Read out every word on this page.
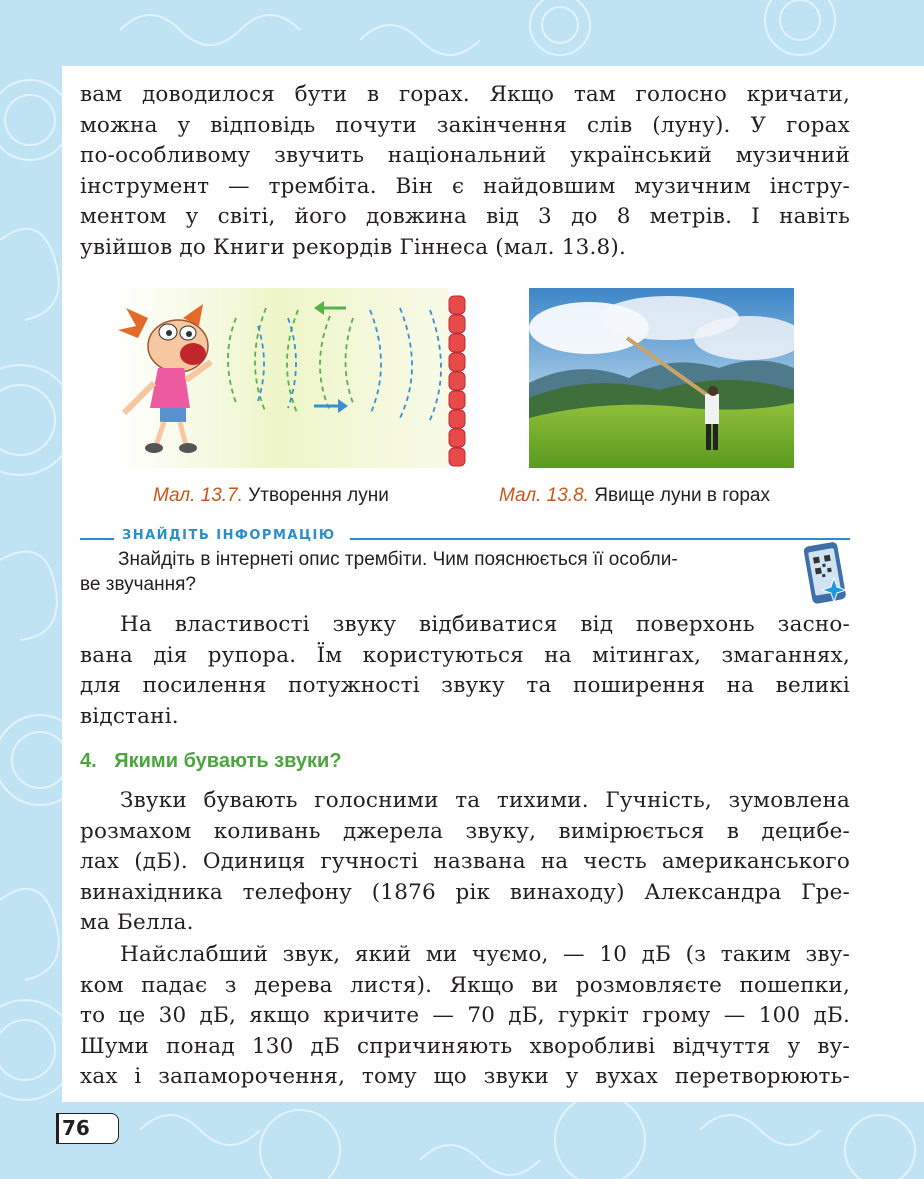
вам доводилося бути в горах. Якщо там голосно кричати,
можна у відповідь почути закінчення слів (луну). У горах
по-особливому звучить національний український музичний
інструмент — трембіта. Він є найдовшим музичним інстру-
ментом у світі, його довжина від 3 до 8 метрів. І навіть
увійшов до Книги рекордів Гіннеса (мал. 13.8).
Мал. 13.7. Утворення луни	Мал. 13.8. Явище луни в горах
ЗНАЙДІТЬ ІНФОРМАЦІЮ
Знайдіть в інтернеті опис трембіти. Чим пояснюється її особли-
ве звучання?
На властивості звуку відбиватися від поверхонь засно-
вана дія рупора. Їм користуються на мітингах, змаганнях,
для посилення потужності звуку та поширення на великі
відстані.
4. Якими бувають звуки?
Звуки бувають голосними та тихими. Гучність, зумовлена
розмахом коливань джерела звуку, вимірюється в децибе-
лах (дБ). Одиниця гучності названа на честь американського
винахідника телефону (1876 рік винаходу) Александра Гре-
ма Белла.
Найслабший звук, який ми чуємо, — 10 дБ (з таким зву-
ком падає з дерева листя). Якщо ви розмовляєте пошепки,
то це 30 дБ, якщо кричите — 70 дБ, гуркіт грому — 100 дБ.
Шуми понад 130 дБ спричиняють хворобливі відчуття у ву-
хах і запаморочення, тому що звуки у вухах перетворюють-
76
